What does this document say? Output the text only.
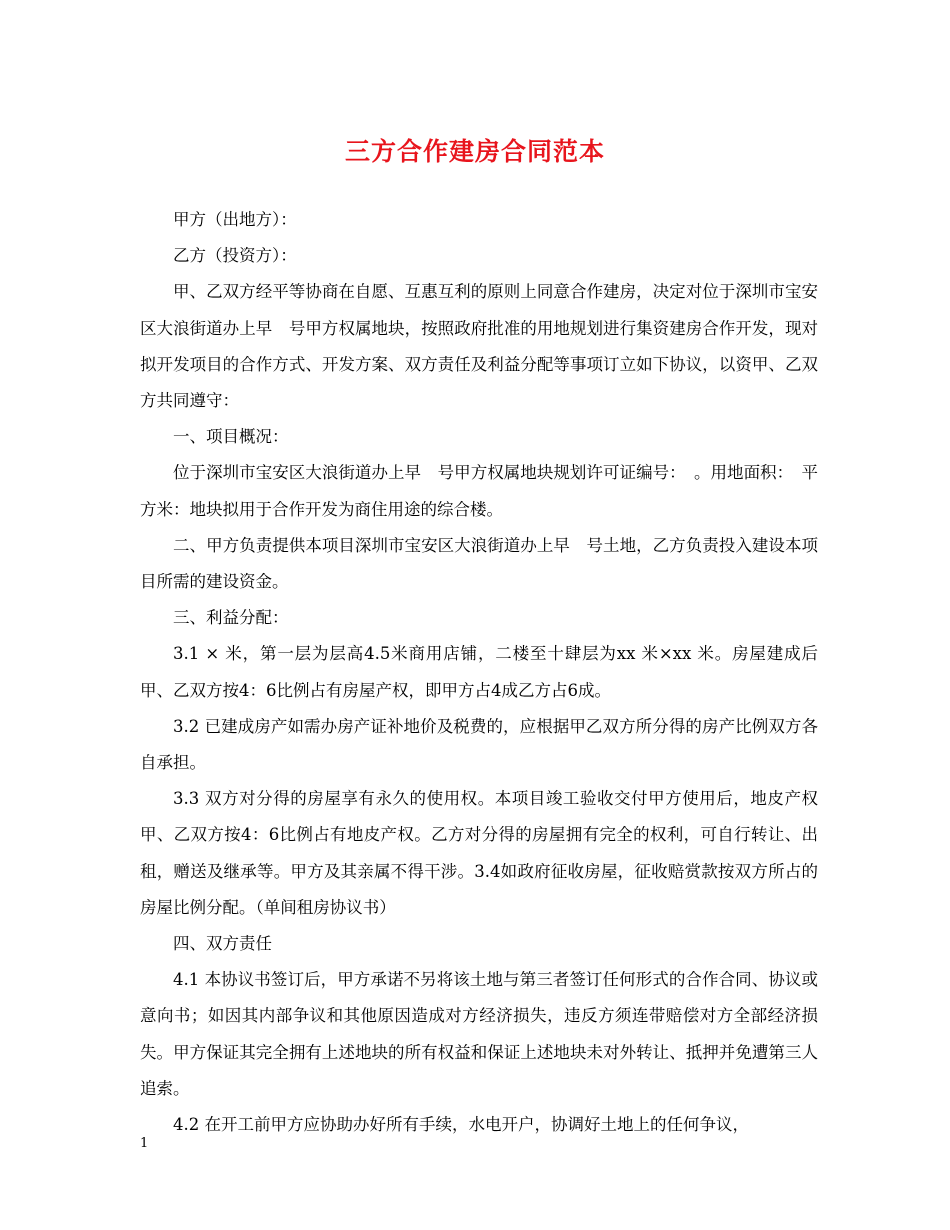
三方合作建房合同范本

甲方（出地方）：

乙方（投资方）：

甲、乙双方经平等协商在自愿、互惠互利的原则上同意合作建房，决定对位于深圳市宝安区大浪街道办上早　号甲方权属地块，按照政府批准的用地规划进行集资建房合作开发，现对拟开发项目的合作方式、开发方案、双方责任及利益分配等事项订立如下协议，以资甲、乙双方共同遵守：

一、项目概况：

位于深圳市宝安区大浪街道办上早　号甲方权属地块规划许可证编号：　。用地面积：　平方米：地块拟用于合作开发为商住用途的综合楼。

二、甲方负责提供本项目深圳市宝安区大浪街道办上早　号土地，乙方负责投入建设本项目所需的建设资金。

三、利益分配：

3.1 × 米，第一层为层高4.5米商用店铺，二楼至十肆层为xx 米×xx 米。房屋建成后甲、乙双方按4：6比例占有房屋产权，即甲方占4成乙方占6成。

3.2 已建成房产如需办房产证补地价及税费的，应根据甲乙双方所分得的房产比例双方各自承担。

3.3 双方对分得的房屋享有永久的使用权。本项目竣工验收交付甲方使用后，地皮产权甲、乙双方按4：6比例占有地皮产权。乙方对分得的房屋拥有完全的权利，可自行转让、出租，赠送及继承等。甲方及其亲属不得干涉。3.4如政府征收房屋，征收赔赏款按双方所占的房屋比例分配。（单间租房协议书）

四、双方责任

4.1 本协议书签订后，甲方承诺不另将该土地与第三者签订任何形式的合作合同、协议或意向书；如因其内部争议和其他原因造成对方经济损失，违反方须连带赔偿对方全部经济损失。甲方保证其完全拥有上述地块的所有权益和保证上述地块未对外转让、抵押并免遭第三人追索。

4.2 在开工前甲方应协助办好所有手续，水电开户，协调好土地上的任何争议，

1
